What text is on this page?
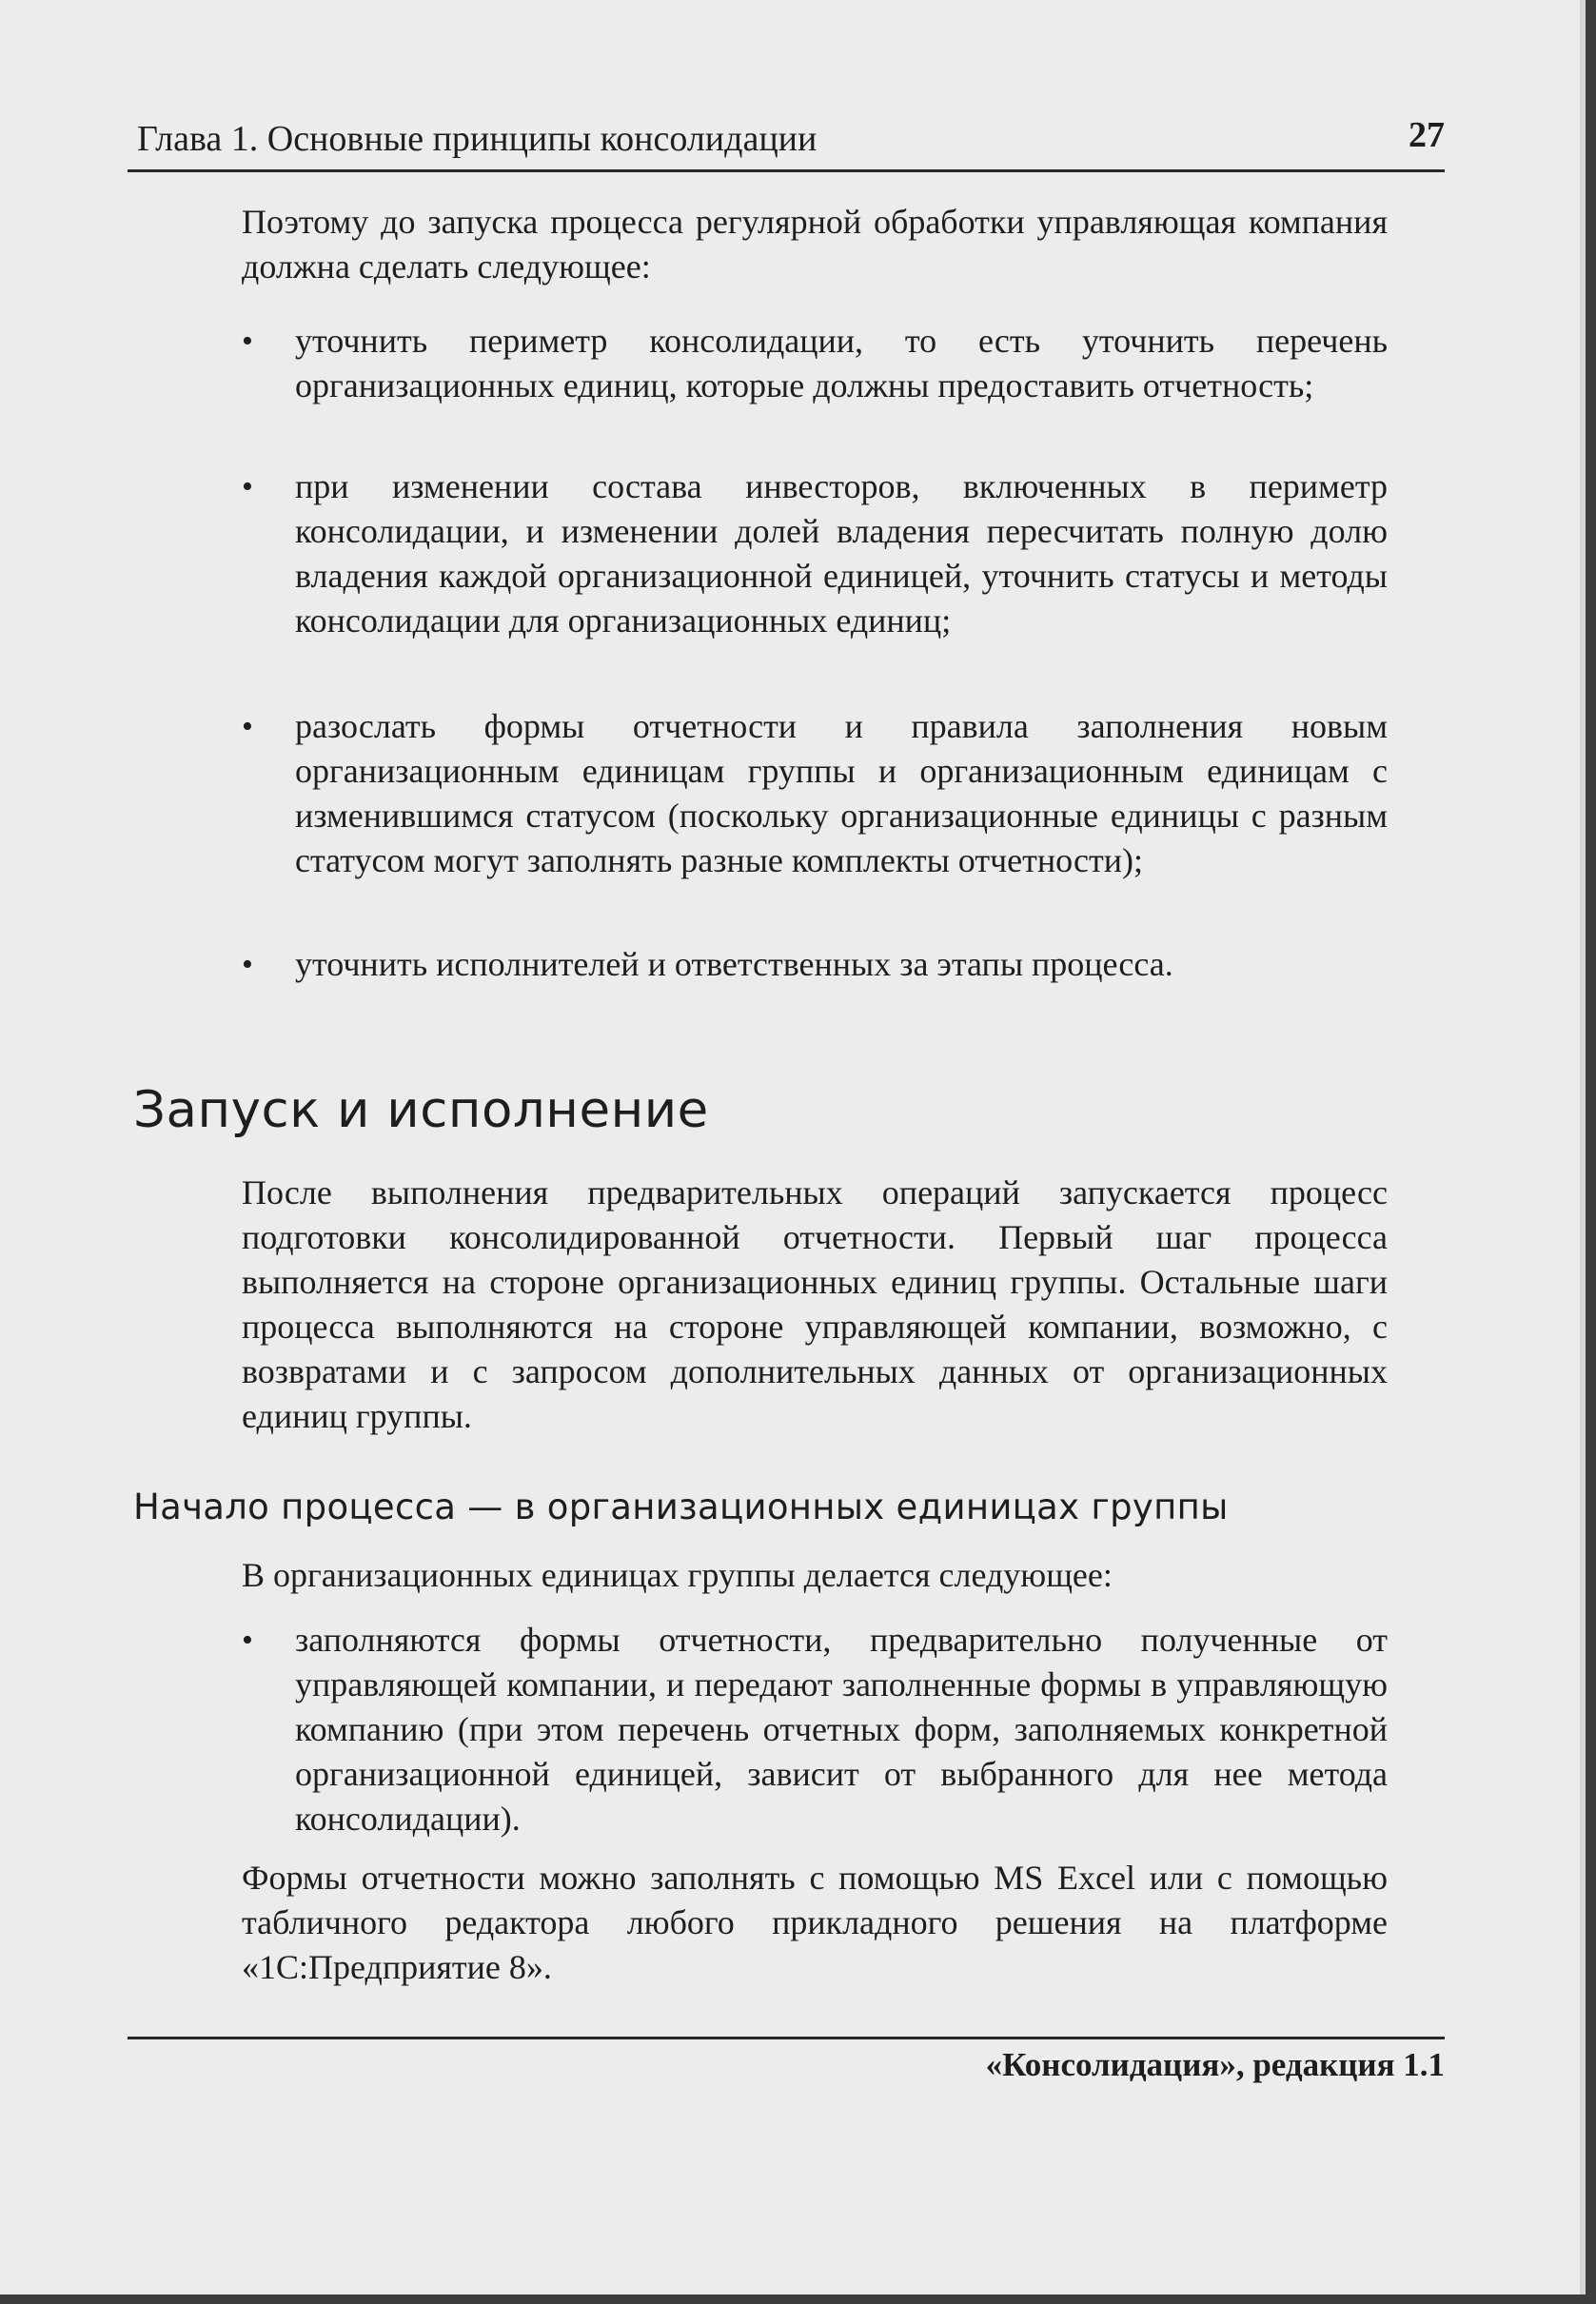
Глава 1. Основные принципы консолидации	27

Поэтому до запуска процесса регулярной обработки управляющая компания должна сделать следующее:

• уточнить периметр консолидации, то есть уточнить перечень организационных единиц, которые должны предоставить отчетность;
• при изменении состава инвесторов, включенных в периметр консолидации, и изменении долей владения пересчитать полную долю владения каждой организационной единицей, уточнить статусы и методы консолидации для организационных единиц;
• разослать формы отчетности и правила заполнения новым организационным единицам группы и организационным единицам с изменившимся статусом (поскольку организационные единицы с разным статусом могут заполнять разные комплекты отчетности);
• уточнить исполнителей и ответственных за этапы процесса.
Запуск и исполнение

После выполнения предварительных операций запускается процесс подготовки консолидированной отчетности. Первый шаг процесса выполняется на стороне организационных единиц группы. Остальные шаги процесса выполняются на стороне управляющей компании, возможно, с возвратами и с запросом дополнительных данных от организационных единиц группы.

Начало процесса — в организационных единицах группы

В организационных единицах группы делается следующее:

• заполняются формы отчетности, предварительно полученные от управляющей компании, и передают заполненные формы в управляющую компанию (при этом перечень отчетных форм, заполняемых конкретной организационной единицей, зависит от выбранного для нее метода консолидации).

Формы отчетности можно заполнять с помощью MS Excel или с помощью табличного редактора любого прикладного решения на платформе «1С:Предприятие 8».

«Консолидация», редакция 1.1
